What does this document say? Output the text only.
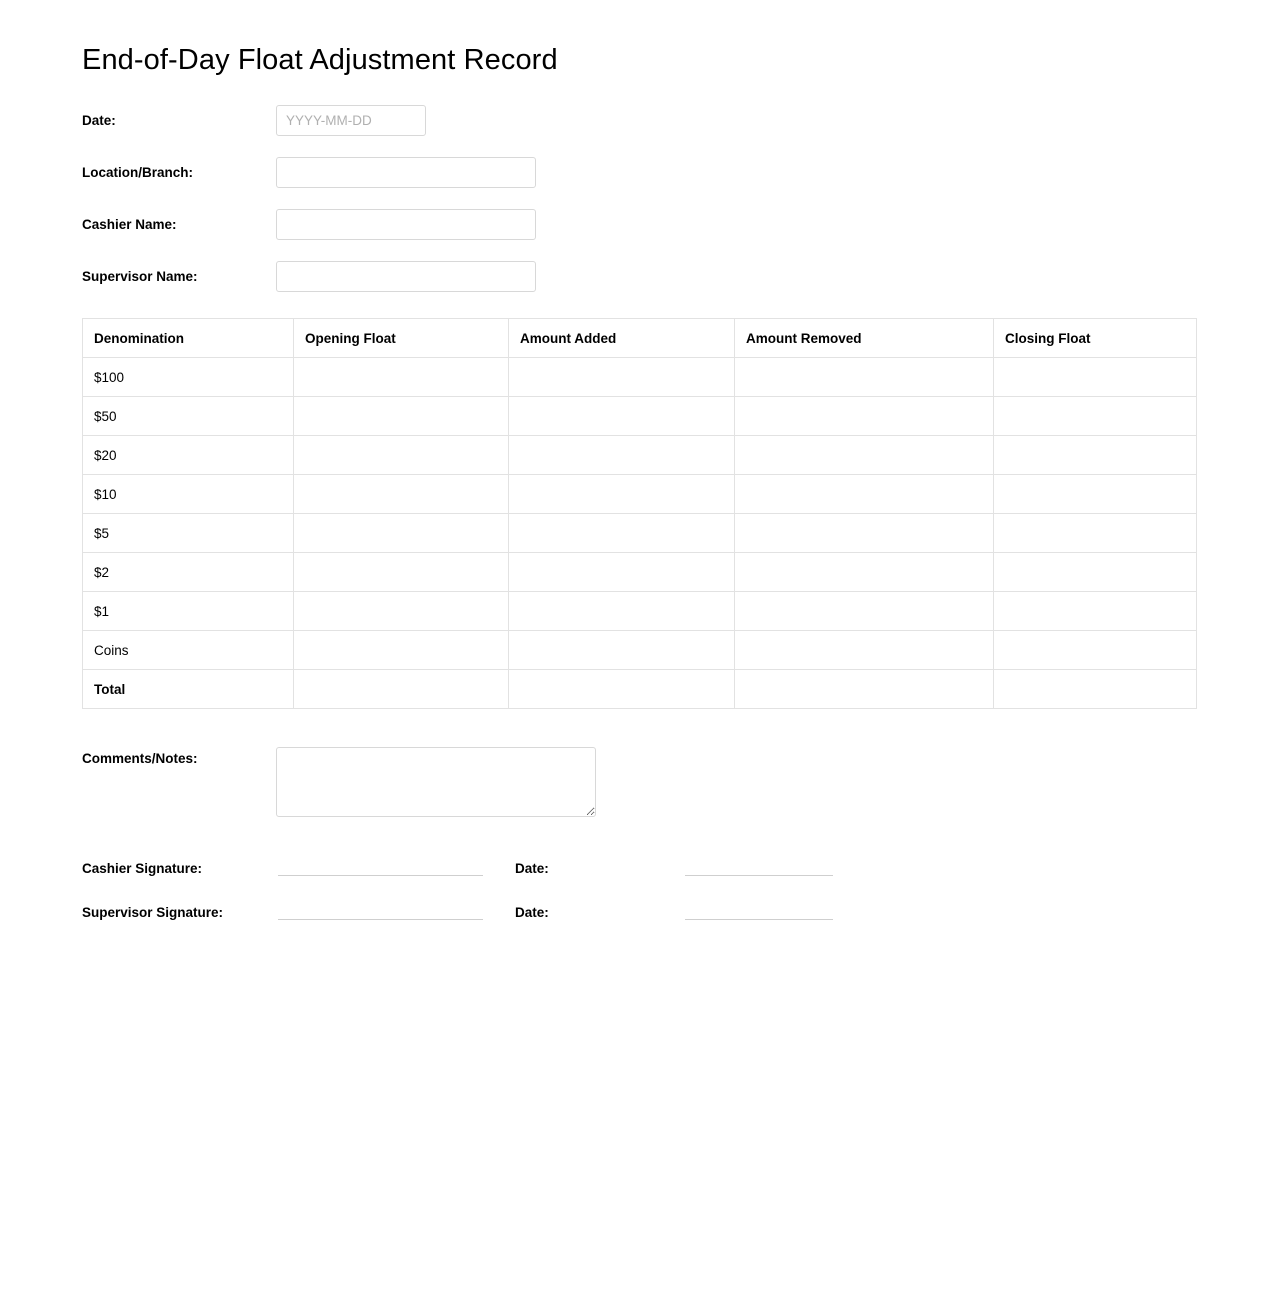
End-of-Day Float Adjustment Record
Date:
YYYY-MM-DD
Location/Branch:
Cashier Name:
Supervisor Name:
Denomination	Opening Float	Amount Added	Amount Removed	Closing Float
$100				
$50				
$20				
$10				
$5				
$2				
$1				
Coins				
Total				
Comments/Notes:
Cashier Signature:	Date:
Supervisor Signature:	Date:
